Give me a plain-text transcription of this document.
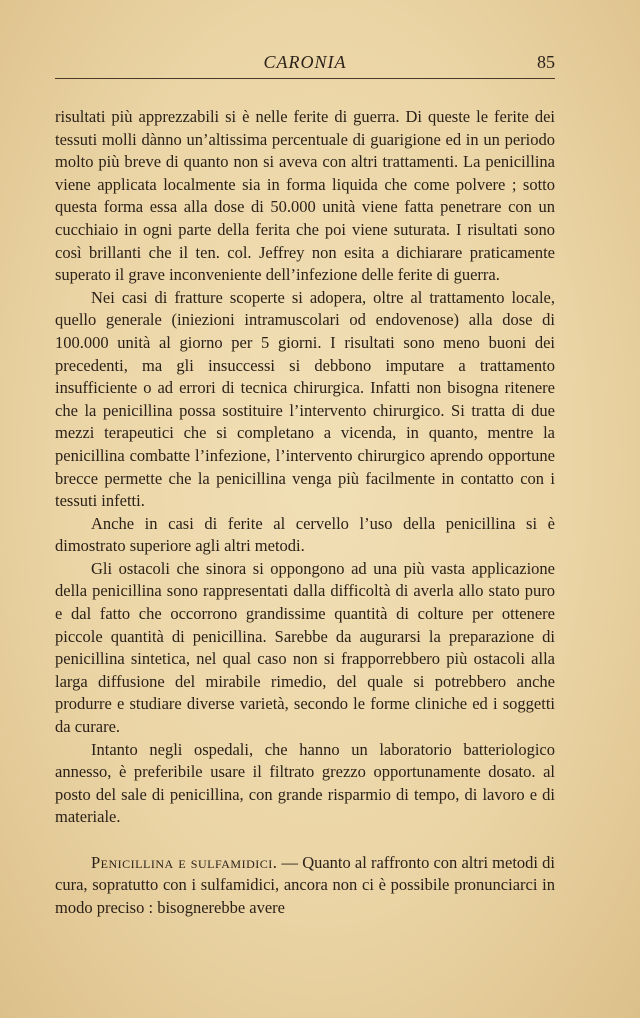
CARONIA	85

risultati più apprezzabili si è nelle ferite di guerra. Di queste le ferite dei tessuti molli dànno un’altissima percentuale di guarigione ed in un periodo molto più breve di quanto non si aveva con altri trattamenti. La penicillina viene applicata localmente sia in forma liquida che come polvere ; sotto questa forma essa alla dose di 50.000 unità viene fatta penetrare con un cucchiaio in ogni parte della ferita che poi viene suturata. I risultati sono così brillanti che il ten. col. Jeffrey non esita a dichiarare praticamente superato il grave inconveniente dell’infezione delle ferite di guerra.

Nei casi di fratture scoperte si adopera, oltre al trattamento locale, quello generale (iniezioni intramuscolari od endovenose) alla dose di 100.000 unità al giorno per 5 giorni. I risultati sono meno buoni dei precedenti, ma gli insuccessi si debbono imputare a trattamento insufficiente o ad errori di tecnica chirurgica. Infatti non bisogna ritenere che la penicillina possa sostituire l’intervento chirurgico. Si tratta di due mezzi terapeutici che si completano a vicenda, in quanto, mentre la penicillina combatte l’infezione, l’intervento chirurgico aprendo opportune brecce permette che la penicillina venga più facilmente in contatto con i tessuti infetti.

Anche in casi di ferite al cervello l’uso della penicillina si è dimostrato superiore agli altri metodi.

Gli ostacoli che sinora si oppongono ad una più vasta applicazione della penicillina sono rappresentati dalla difficoltà di averla allo stato puro e dal fatto che occorrono grandissime quantità di colture per ottenere piccole quantità di penicillina. Sarebbe da augurarsi la preparazione di penicillina sintetica, nel qual caso non si frapporrebbero più ostacoli alla larga diffusione del mirabile rimedio, del quale si potrebbero anche produrre e studiare diverse varietà, secondo le forme cliniche ed i soggetti da curare.

Intanto negli ospedali, che hanno un laboratorio batteriologico annesso, è preferibile usare il filtrato grezzo opportunamente dosato. al posto del sale di penicillina, con grande risparmio di tempo, di lavoro e di materiale.

Penicillina e sulfamidici. — Quanto al raffronto con altri metodi di cura, sopratutto con i sulfamidici, ancora non ci è possibile pronunciarci in modo preciso : bisognerebbe avere
